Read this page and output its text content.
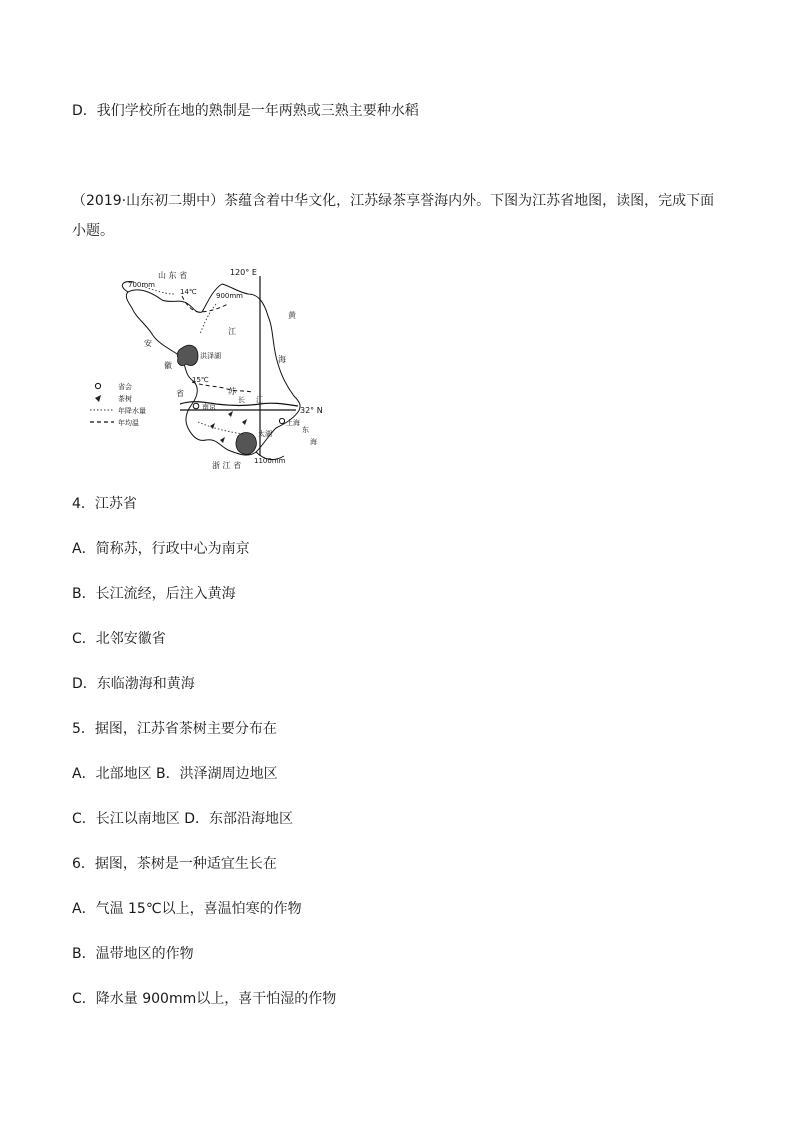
D．我们学校所在地的熟制是一年两熟或三熟主要种水稻
（2019·山东初二期中）茶蕴含着中华文化，江苏绿茶享誉海内外。下图为江苏省地图，读图，完成下面小题。
120° E
32° N
洪泽湖
太湖
长 江
南京
上海
700mm
900mm
1100mm
14℃
15℃
山 东 省
安
徽
省
江
苏
浙 江 省
黄
海
东
海
省会
茶树
年降水量
年均温
4．江苏省
A．简称苏，行政中心为南京
B．长江流经，后注入黄海
C．北邻安徽省
D．东临渤海和黄海
5．据图，江苏省茶树主要分布在
A．北部地区 B．洪泽湖周边地区
C．长江以南地区 D．东部沿海地区
6．据图，茶树是一种适宜生长在
A．气温 15℃以上，喜温怕寒的作物
B．温带地区的作物
C．降水量 900mm以上，喜干怕湿的作物
